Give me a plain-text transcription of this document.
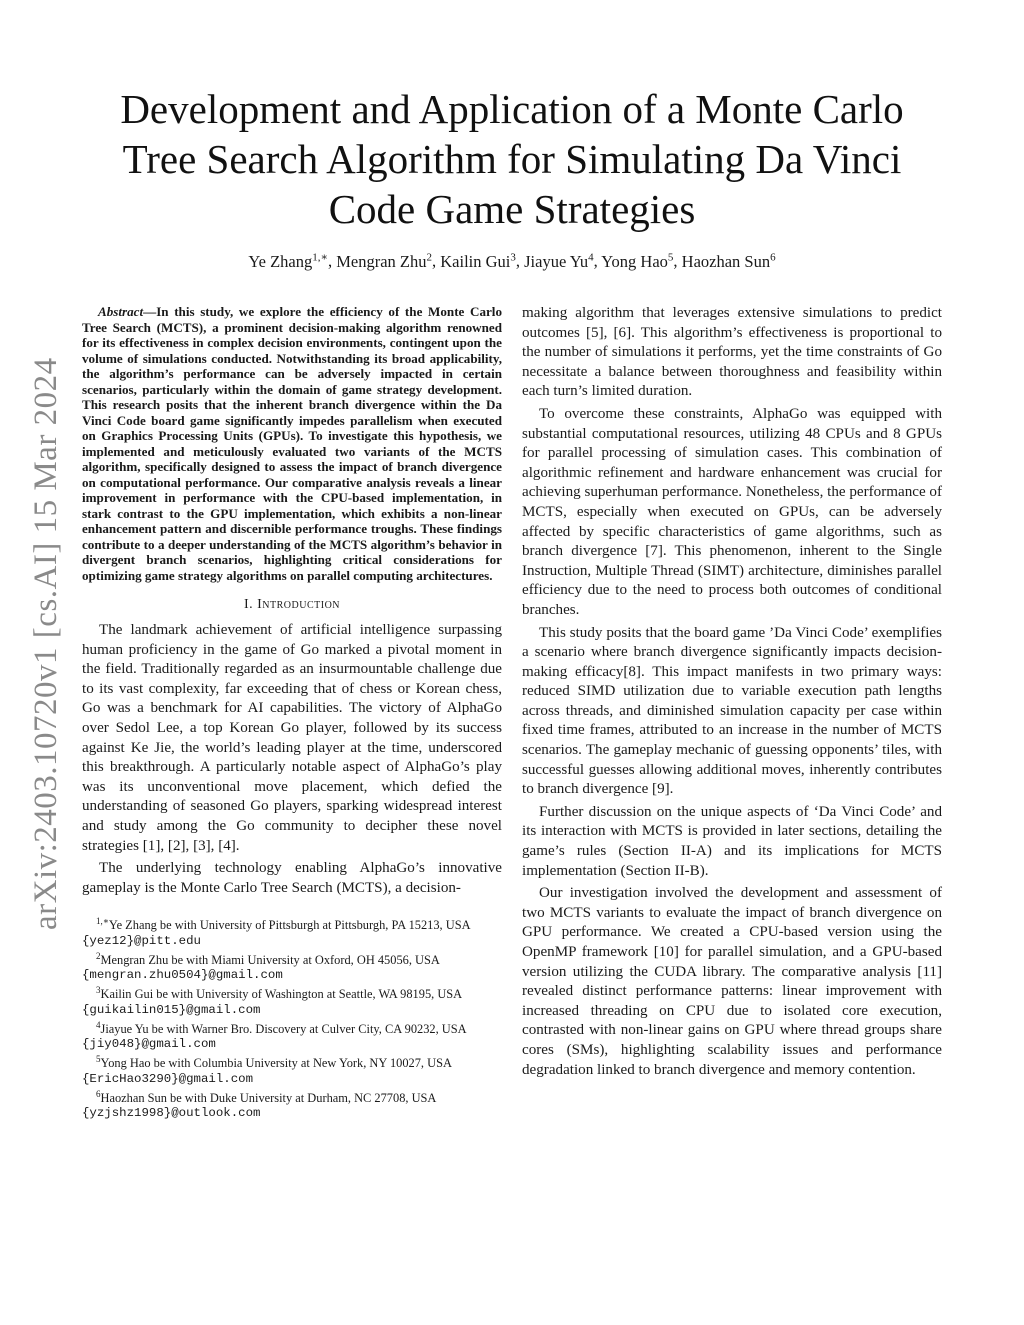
arXiv:2403.10720v1 [cs.AI] 15 Mar 2024
Development and Application of a Monte Carlo Tree Search Algorithm for Simulating Da Vinci Code Game Strategies

Ye Zhang$^{1,∗}$, Mengran Zhu$^2$, Kailin Gui$^3$, Jiayue Yu$^4$, Yong Hao$^5$, Haozhan Sun$^6$

Abstract—In this study, we explore the efficiency of the Monte Carlo Tree Search (MCTS), a prominent decision-making algorithm renowned for its effectiveness in complex decision environments, contingent upon the volume of simulations conducted. Notwithstanding its broad applicability, the algorithm’s performance can be adversely impacted in certain scenarios, particularly within the domain of game strategy development. This research posits that the inherent branch divergence within the Da Vinci Code board game significantly impedes parallelism when executed on Graphics Processing Units (GPUs). To investigate this hypothesis, we implemented and meticulously evaluated two variants of the MCTS algorithm, specifically designed to assess the impact of branch divergence on computational performance. Our comparative analysis reveals a linear improvement in performance with the CPU-based implementation, in stark contrast to the GPU implementation, which exhibits a non-linear enhancement pattern and discernible performance troughs. These findings contribute to a deeper understanding of the MCTS algorithm’s behavior in divergent branch scenarios, highlighting critical considerations for optimizing game strategy algorithms on parallel computing architectures.

I. Introduction

The landmark achievement of artificial intelligence surpassing human proficiency in the game of Go marked a pivotal moment in the field. Traditionally regarded as an insurmountable challenge due to its vast complexity, far exceeding that of chess or Korean chess, Go was a benchmark for AI capabilities. The victory of AlphaGo over Sedol Lee, a top Korean Go player, followed by its success against Ke Jie, the world’s leading player at the time, underscored this breakthrough. A particularly notable aspect of AlphaGo’s play was its unconventional move placement, which defied the understanding of seasoned Go players, sparking widespread interest and study among the Go community to decipher these novel strategies [1], [2], [3], [4].

The underlying technology enabling AlphaGo’s innovative gameplay is the Monte Carlo Tree Search (MCTS), a decision-

$^{1,∗}$Ye Zhang be with University of Pittsburgh at Pittsburgh, PA 15213, USA
{yez12}@pitt.edu

$^2$Mengran Zhu be with Miami University at Oxford, OH 45056, USA
{mengran.zhu0504}@gmail.com

$^3$Kailin Gui be with University of Washington at Seattle, WA 98195, USA
{guikailin015}@gmail.com

$^4$Jiayue Yu be with Warner Bro. Discovery at Culver City, CA 90232, USA
{jiy048}@gmail.com

$^5$Yong Hao be with Columbia University at New York, NY 10027, USA
{EricHao3290}@gmail.com

$^6$Haozhan Sun be with Duke University at Durham, NC 27708, USA
{yzjshz1998}@outlook.com

making algorithm that leverages extensive simulations to predict outcomes [5], [6]. This algorithm’s effectiveness is proportional to the number of simulations it performs, yet the time constraints of Go necessitate a balance between thoroughness and feasibility within each turn’s limited duration.

To overcome these constraints, AlphaGo was equipped with substantial computational resources, utilizing 48 CPUs and 8 GPUs for parallel processing of simulation cases. This combination of algorithmic refinement and hardware enhancement was crucial for achieving superhuman performance. Nonetheless, the performance of MCTS, especially when executed on GPUs, can be adversely affected by specific characteristics of game algorithms, such as branch divergence [7]. This phenomenon, inherent to the Single Instruction, Multiple Thread (SIMT) architecture, diminishes parallel efficiency due to the need to process both outcomes of conditional branches.

This study posits that the board game ’Da Vinci Code’ exemplifies a scenario where branch divergence significantly impacts decision-making efficacy[8]. This impact manifests in two primary ways: reduced SIMD utilization due to variable execution path lengths across threads, and diminished simulation capacity per case within fixed time frames, attributed to an increase in the number of MCTS scenarios. The gameplay mechanic of guessing opponents’ tiles, with successful guesses allowing additional moves, inherently contributes to branch divergence [9].

Further discussion on the unique aspects of ‘Da Vinci Code’ and its interaction with MCTS is provided in later sections, detailing the game’s rules (Section II-A) and its implications for MCTS implementation (Section II-B).

Our investigation involved the development and assessment of two MCTS variants to evaluate the impact of branch divergence on GPU performance. We created a CPU-based version using the OpenMP framework [10] for parallel simulation, and a GPU-based version utilizing the CUDA library. The comparative analysis [11] revealed distinct performance patterns: linear improvement with increased threading on CPU due to isolated core execution, contrasted with non-linear gains on GPU where thread groups share cores (SMs), highlighting scalability issues and performance degradation linked to branch divergence and memory contention.
